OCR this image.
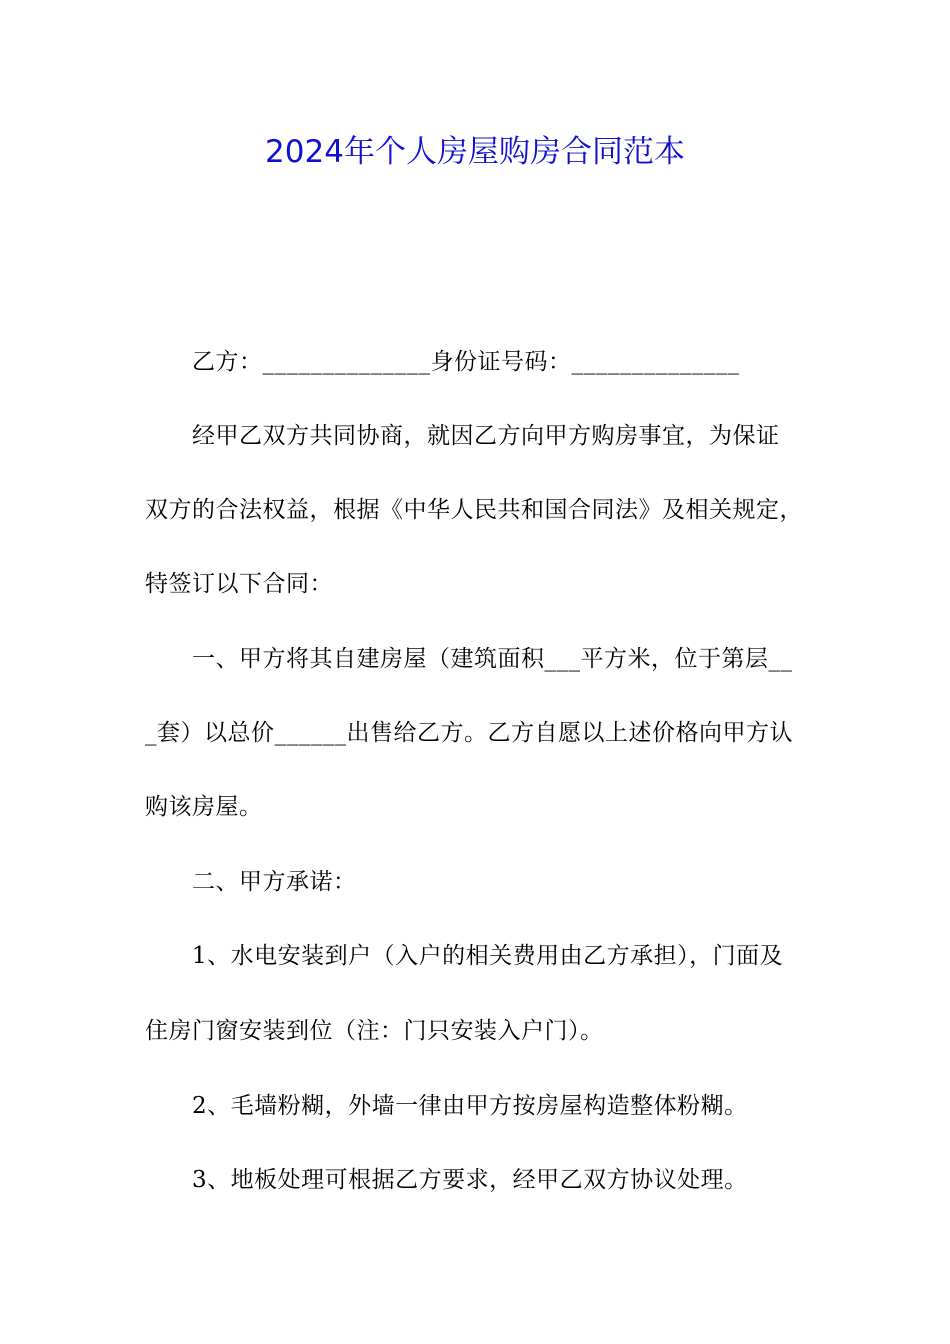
2024年个人房屋购房合同范本
乙方：______________身份证号码：______________
经甲乙双方共同协商，就因乙方向甲方购房事宜，为保证
双方的合法权益，根据《中华人民共和国合同法》及相关规定，
特签订以下合同：
一、甲方将其自建房屋（建筑面积___平方米，位于第层__
_套）以总价______出售给乙方。乙方自愿以上述价格向甲方认
购该房屋。
二、甲方承诺：
1、水电安装到户（入户的相关费用由乙方承担），门面及
住房门窗安装到位（注：门只安装入户门）。
2、毛墙粉糊，外墙一律由甲方按房屋构造整体粉糊。
3、地板处理可根据乙方要求，经甲乙双方协议处理。
